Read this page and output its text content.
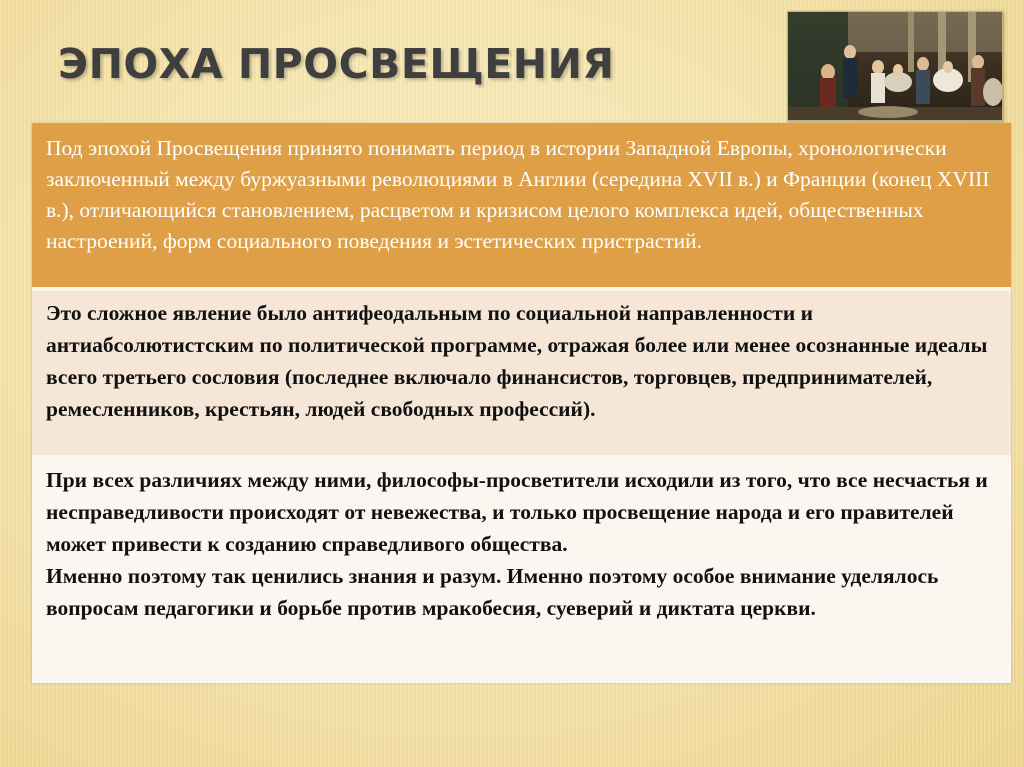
ЭПОХА ПРОСВЕЩЕНИЯ

Под эпохой Просвещения принято понимать период в истории Западной Европы, хронологически заключенный между буржуазными революциями в Англии (середина XVII в.) и Франции (конец XVIII в.), отличающийся становлением, расцветом и кризисом целого комплекса идей, общественных настроений, форм социального поведения и эстетических пристрастий.

Это сложное явление было антифеодальным по социальной направленности и антиабсолютистским по политической программе, отражая более или менее осознанные идеалы всего третьего сословия (последнее включало финансистов, торговцев, предпринимателей, ремесленников, крестьян, людей свободных профессий).

При всех различиях между ними, философы-просветители исходили из того, что все несчастья и несправедливости происходят от невежества, и только просвещение народа и его правителей может привести к созданию справедливого общества.

Именно поэтому так ценились знания и разум. Именно поэтому особое внимание уделялось вопросам педагогики и борьбе против мракобесия, суеверий и диктата церкви.
